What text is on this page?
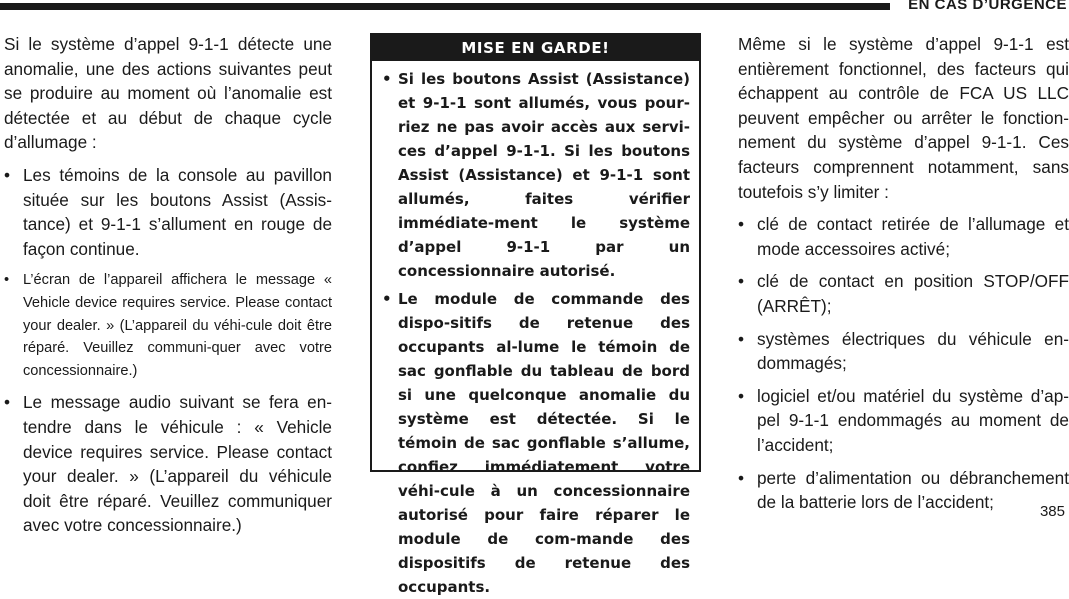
EN CAS D’URGENCE

Si le système d’appel 9-1-1 détecte une anomalie, une des actions suivantes peut se produire au moment où l’anomalie est détectée et au début de chaque cycle d’allumage :

• Les témoins de la console au pavillon située sur les boutons Assist (Assis-tance) et 9-1-1 s’allument en rouge de façon continue.
• L’écran de l’appareil affichera le message « Vehicle device requires service. Please contact your dealer. » (L’appareil du véhi-cule doit être réparé. Veuillez communi-quer avec votre concessionnaire.)
• Le message audio suivant se fera en-tendre dans le véhicule : « Vehicle device requires service. Please contact your dealer. » (L’appareil du véhicule doit être réparé. Veuillez communiquer avec votre concessionnaire.)
MISE EN GARDE!
• Si les boutons Assist (Assistance) et 9-1-1 sont allumés, vous pour-riez ne pas avoir accès aux servi-ces d’appel 9-1-1. Si les boutons Assist (Assistance) et 9-1-1 sont allumés, faites vérifier immédiate-ment le système d’appel 9-1-1 par un concessionnaire autorisé.
• Le module de commande des dispo-sitifs de retenue des occupants al-lume le témoin de sac gonflable du tableau de bord si une quelconque anomalie du système est détectée. Si le témoin de sac gonflable s’allume, confiez immédiatement votre véhi-cule à un concessionnaire autorisé pour faire réparer le module de com-mande des dispositifs de retenue des occupants.

Même si le système d’appel 9-1-1 est entièrement fonctionnel, des facteurs qui échappent au contrôle de FCA US LLC peuvent empêcher ou arrêter le fonction-nement du système d’appel 9-1-1. Ces facteurs comprennent notamment, sans toutefois s’y limiter :

• clé de contact retirée de l’allumage et mode accessoires activé;
• clé de contact en position STOP/OFF (ARRÊT);
• systèmes électriques du véhicule en-dommagés;
• logiciel et/ou matériel du système d’ap-pel 9-1-1 endommagés au moment de l’accident;
• perte d’alimentation ou débranchement de la batterie lors de l’accident;	385
